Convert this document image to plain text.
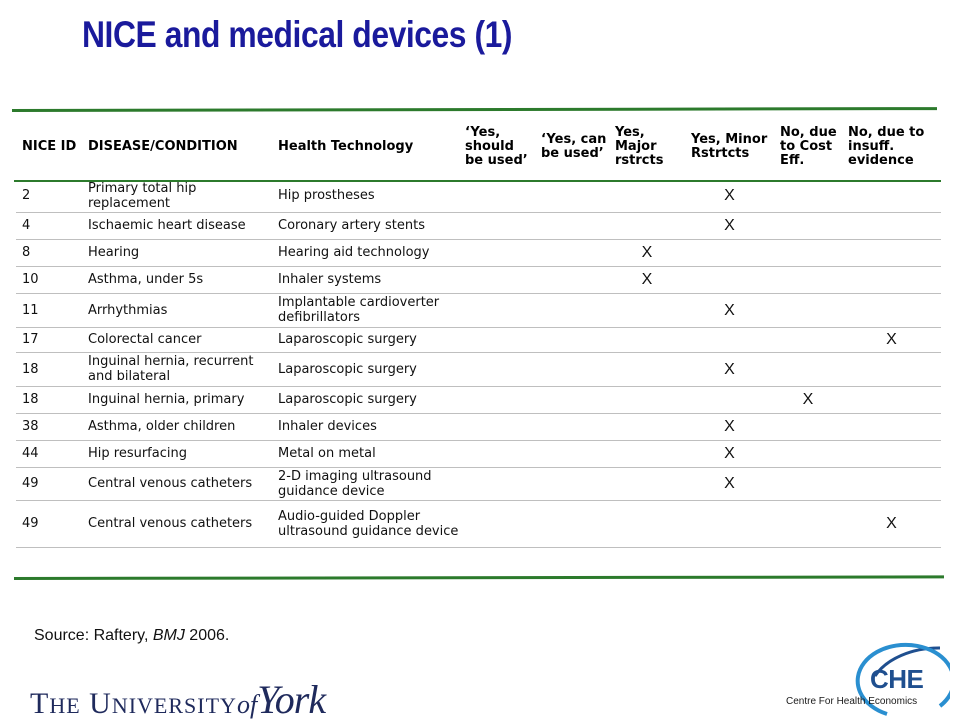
NICE and medical devices (1)
NICE ID	DISEASE/CONDITION	Health Technology	‘Yes, should be used’	‘Yes, can be used’	Yes, Major rstrcts	Yes, Minor Rstrtcts	No, due to Cost Eff.	No, due to insuff. evidence
2	Primary total hip replacement	Hip prostheses				X		
4	Ischaemic heart disease	Coronary artery stents				X		
8	Hearing	Hearing aid technology			X			
10	Asthma, under 5s	Inhaler systems			X			
11	Arrhythmias	Implantable cardioverter defibrillators				X		
17	Colorectal cancer	Laparoscopic surgery						X
18	Inguinal hernia, recurrent and bilateral	Laparoscopic surgery				X		
18	Inguinal hernia, primary	Laparoscopic surgery					X	
38	Asthma, older children	Inhaler devices				X		
44	Hip resurfacing	Metal on metal				X		
49	Central venous catheters	2-D imaging ultrasound guidance device				X		
49	Central venous catheters	Audio-guided Doppler ultrasound guidance device						X
Source: Raftery, BMJ 2006.
THE UNIVERSITYofYork	CHE
Centre For Health Economics
